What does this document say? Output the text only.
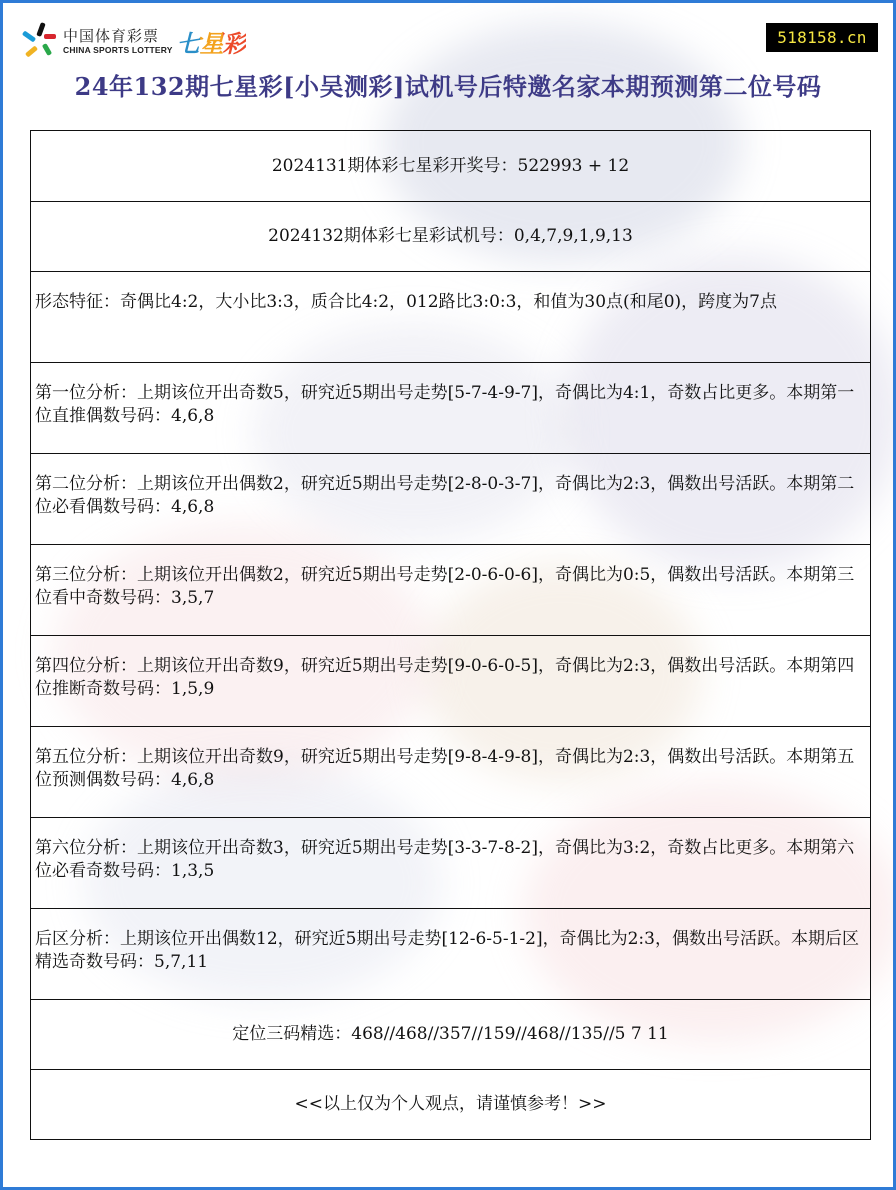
中国体育彩票
CHINA SPORTS LOTTERY 七星彩	518158.cn
24年132期七星彩[小吴测彩]试机号后特邀名家本期预测第二位号码
2024131期体彩七星彩开奖号：522993 + 12
2024132期体彩七星彩试机号：0,4,7,9,1,9,13
形态特征：奇偶比4:2，大小比3:3，质合比4:2，012路比3:0:3，和值为30点(和尾0)，跨度为7点
第一位分析：上期该位开出奇数5，研究近5期出号走势[5-7-4-9-7]，奇偶比为4:1，奇数占比更多。本期第一位直推偶数号码：4,6,8
第二位分析：上期该位开出偶数2，研究近5期出号走势[2-8-0-3-7]，奇偶比为2:3，偶数出号活跃。本期第二位必看偶数号码：4,6,8
第三位分析：上期该位开出偶数2，研究近5期出号走势[2-0-6-0-6]，奇偶比为0:5，偶数出号活跃。本期第三位看中奇数号码：3,5,7
第四位分析：上期该位开出奇数9，研究近5期出号走势[9-0-6-0-5]，奇偶比为2:3，偶数出号活跃。本期第四位推断奇数号码：1,5,9
第五位分析：上期该位开出奇数9，研究近5期出号走势[9-8-4-9-8]，奇偶比为2:3，偶数出号活跃。本期第五位预测偶数号码：4,6,8
第六位分析：上期该位开出奇数3，研究近5期出号走势[3-3-7-8-2]，奇偶比为3:2，奇数占比更多。本期第六位必看奇数号码：1,3,5
后区分析：上期该位开出偶数12，研究近5期出号走势[12-6-5-1-2]，奇偶比为2:3，偶数出号活跃。本期后区精选奇数号码：5,7,11
定位三码精选：468//468//357//159//468//135//5 7 11
<<以上仅为个人观点，请谨慎参考！>>
